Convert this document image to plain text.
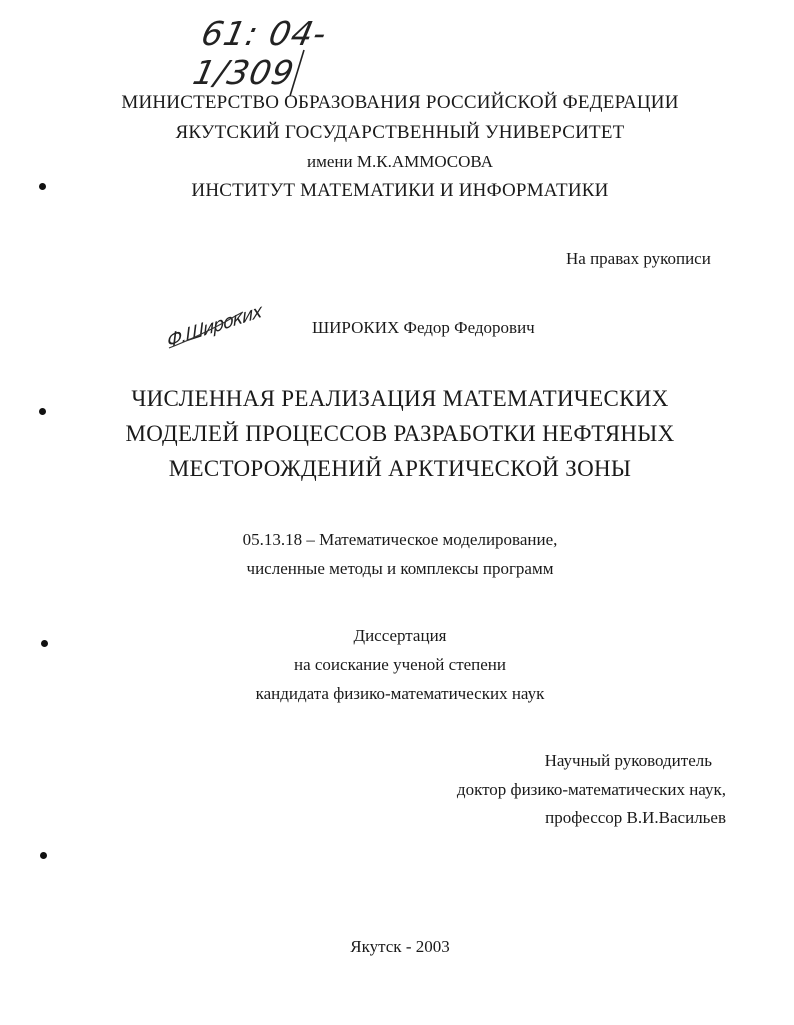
61: 04-1/309
МИНИСТЕРСТВО ОБРАЗОВАНИЯ РОССИЙСКОЙ ФЕДЕРАЦИИ
ЯКУТСКИЙ ГОСУДАРСТВЕННЫЙ УНИВЕРСИТЕТ
имени М.К.АММОСОВА
ИНСТИТУТ МАТЕМАТИКИ И ИНФОРМАТИКИ
На правах рукописи
Ф.Широких	ШИРОКИХ Федор Федорович
ЧИСЛЕННАЯ РЕАЛИЗАЦИЯ МАТЕМАТИЧЕСКИХ
МОДЕЛЕЙ ПРОЦЕССОВ РАЗРАБОТКИ НЕФТЯНЫХ
МЕСТОРОЖДЕНИЙ АРКТИЧЕСКОЙ ЗОНЫ
05.13.18 – Математическое моделирование,
численные методы и комплексы программ
Диссертация
на соискание ученой степени
кандидата физико-математических наук
Научный руководитель
доктор физико-математических наук,
профессор В.И.Васильев
Якутск - 2003
